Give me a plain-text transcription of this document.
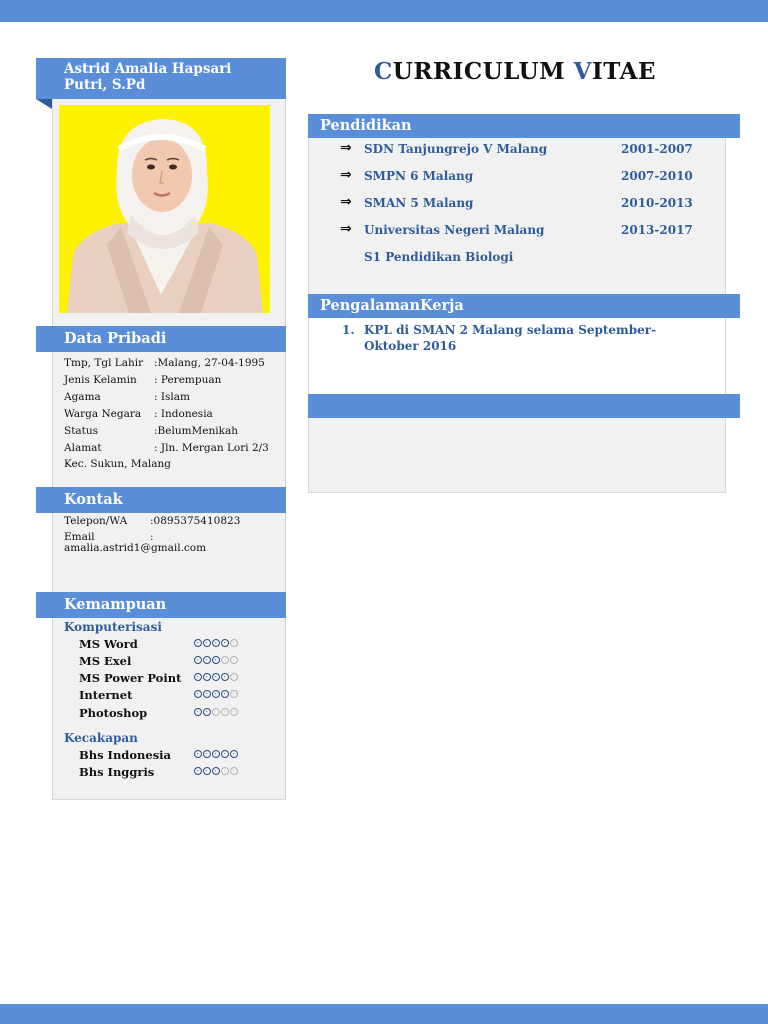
Astrid Amalia Hapsari Putri, S.Pd
Data Pribadi
Tmp, Tgl Lahir :Malang, 27-04-1995
Jenis Kelamin : Perempuan
Agama	: Islam
Warga Negara : Indonesia
Status	:BelumMenikah
Alamat	: Jln. Mergan Lori 2/3
Kec. Sukun, Malang
Kontak
Telepon/WA :0895375410823
Email	:
amalia.astrid1@gmail.com
Kemampuan
Komputerisasi
MS Word
MS Exel
MS Power Point
Internet
Photoshop
Kecakapan
Bhs Indonesia
Bhs Inggris
CURRICULUM VITAE
Pendidikan
⇒ SDN Tanjungrejo V Malang	2001-2007
⇒ SMPN 6 Malang	2007-2010
⇒ SMAN 5 Malang	2010-2013
⇒ Universitas Negeri Malang	2013-2017
S1 Pendidikan Biologi
PengalamanKerja
1. KPL di SMAN 2 Malang selama September-Oktober 2016
